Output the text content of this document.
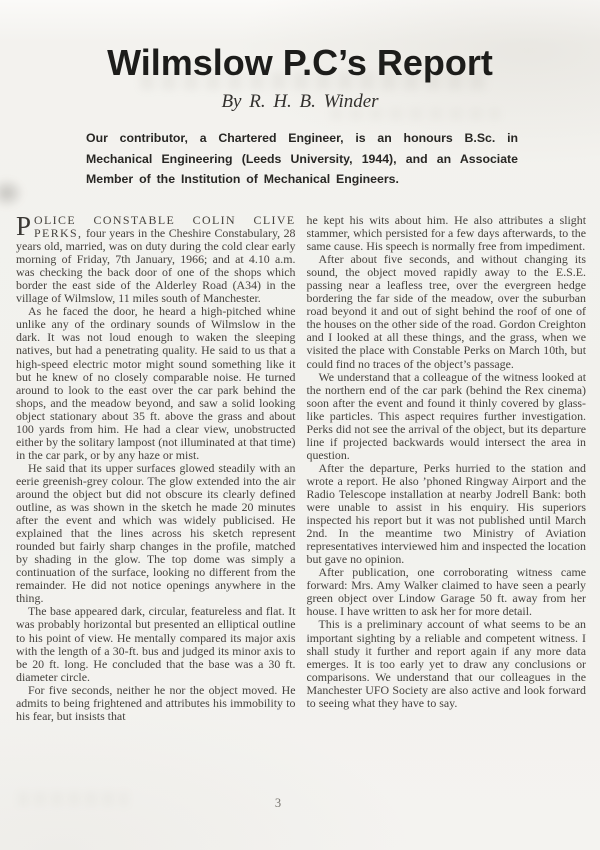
Wilmslow P.C’s Report
By R. H. B. Winder
Our contributor, a Chartered Engineer, is an honours B.Sc. in Mechanical Engineering (Leeds University, 1944), and an Associate Member of the Institution of Mechanical Engineers.

POLICE CONSTABLE COLIN CLIVE PERKS, four years in the Cheshire Constabulary, 28 years old, married, was on duty during the cold clear early morning of Friday, 7th January, 1966; and at 4.10 a.m. was checking the back door of one of the shops which border the east side of the Alderley Road (A34) in the village of Wilmslow, 11 miles south of Manchester.

As he faced the door, he heard a high-pitched whine unlike any of the ordinary sounds of Wilmslow in the dark. It was not loud enough to waken the sleeping natives, but had a penetrating quality. He said to us that a high-speed electric motor might sound something like it but he knew of no closely comparable noise. He turned around to look to the east over the car park behind the shops, and the meadow beyond, and saw a solid looking object stationary about 35 ft. above the grass and about 100 yards from him. He had a clear view, unobstructed either by the solitary lampost (not illuminated at that time) in the car park, or by any haze or mist.

He said that its upper surfaces glowed steadily with an eerie greenish-grey colour. The glow extended into the air around the object but did not obscure its clearly defined outline, as was shown in the sketch he made 20 minutes after the event and which was widely publicised. He explained that the lines across his sketch represent rounded but fairly sharp changes in the profile, matched by shading in the glow. The top dome was simply a continuation of the surface, looking no different from the remainder. He did not notice openings anywhere in the thing.

The base appeared dark, circular, featureless and flat. It was probably horizontal but presented an elliptical outline to his point of view. He mentally compared its major axis with the length of a 30-ft. bus and judged its minor axis to be 20 ft. long. He concluded that the base was a 30 ft. diameter circle.

For five seconds, neither he nor the object moved. He admits to being frightened and attributes his immobility to his fear, but insists that

he kept his wits about him. He also attributes a slight stammer, which persisted for a few days afterwards, to the same cause. His speech is normally free from impediment.

After about five seconds, and without changing its sound, the object moved rapidly away to the E.S.E. passing near a leafless tree, over the evergreen hedge bordering the far side of the meadow, over the suburban road beyond it and out of sight behind the roof of one of the houses on the other side of the road. Gordon Creighton and I looked at all these things, and the grass, when we visited the place with Constable Perks on March 10th, but could find no traces of the object’s passage.

We understand that a colleague of the witness looked at the northern end of the car park (behind the Rex cinema) soon after the event and found it thinly covered by glass-like particles. This aspect requires further investigation. Perks did not see the arrival of the object, but its departure line if projected backwards would intersect the area in question.

After the departure, Perks hurried to the station and wrote a report. He also ’phoned Ringway Airport and the Radio Telescope installation at nearby Jodrell Bank: both were unable to assist in his enquiry. His superiors inspected his report but it was not published until March 2nd. In the meantime two Ministry of Aviation representatives interviewed him and inspected the location but gave no opinion.

After publication, one corroborating witness came forward: Mrs. Amy Walker claimed to have seen a pearly green object over Lindow Garage 50 ft. away from her house. I have written to ask her for more detail.

This is a preliminary account of what seems to be an important sighting by a reliable and competent witness. I shall study it further and report again if any more data emerges. It is too early yet to draw any conclusions or comparisons. We understand that our colleagues in the Manchester UFO Society are also active and look forward to seeing what they have to say.

3
